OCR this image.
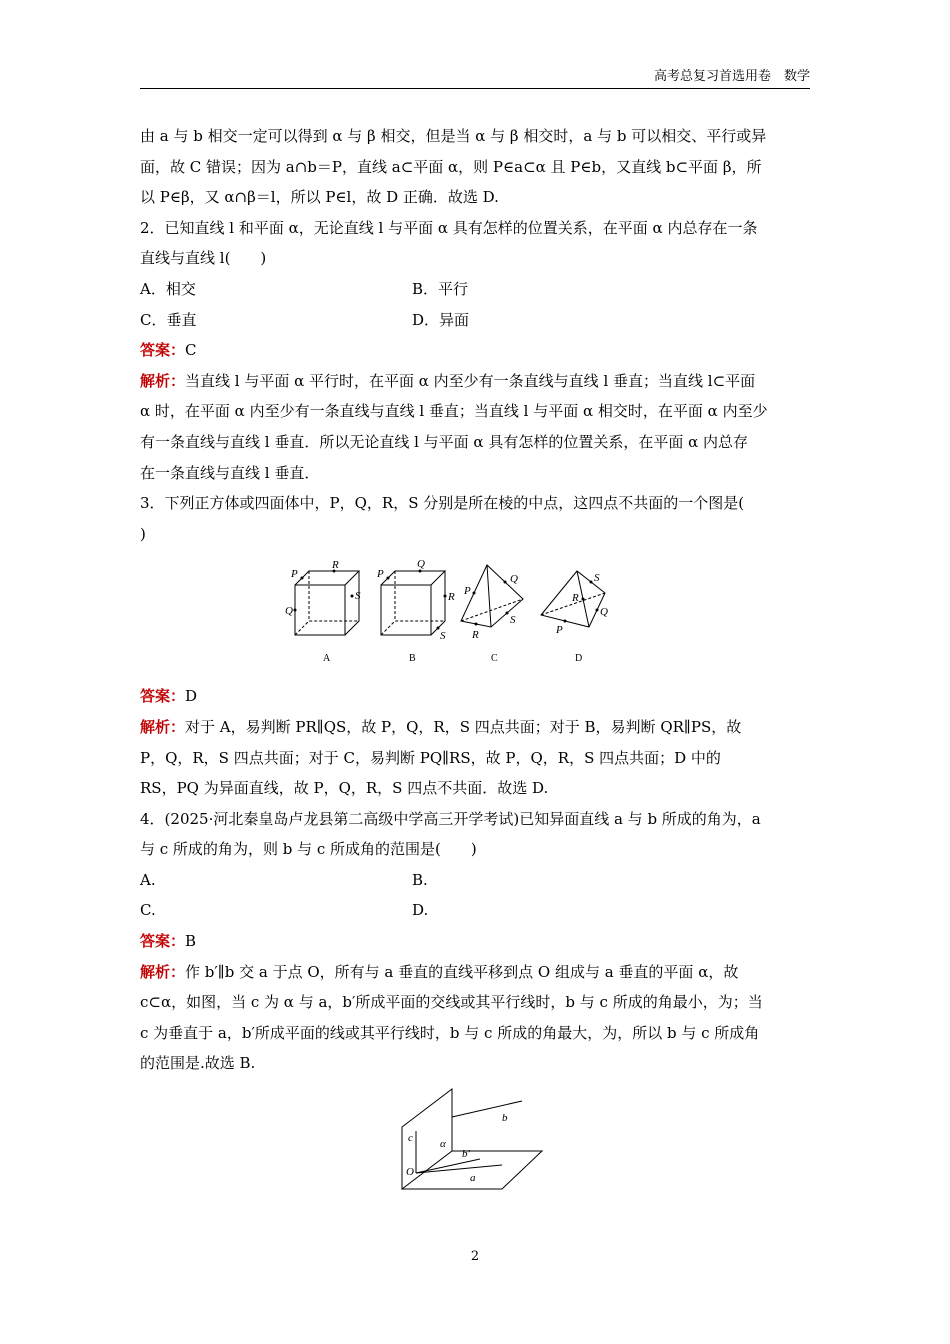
高考总复习首选用卷　数学

由 a 与 b 相交一定可以得到 α 与 β 相交，但是当 α 与 β 相交时，a 与 b 可以相交、平行或异

面，故 C 错误；因为 a∩b＝P，直线 a⊂平面 α，则 P∈a⊂α 且 P∈b，又直线 b⊂平面 β，所

以 P∈β，又 α∩β＝l，所以 P∈l，故 D 正确．故选 D.

2．已知直线 l 和平面 α，无论直线 l 与平面 α 具有怎样的位置关系，在平面 α 内总存在一条

直线与直线 l(　　)

A．相交	B．平行
C．垂直	D．异面

答案：C

解析：当直线 l 与平面 α 平行时，在平面 α 内至少有一条直线与直线 l 垂直；当直线 l⊂平面

α 时，在平面 α 内至少有一条直线与直线 l 垂直；当直线 l 与平面 α 相交时，在平面 α 内至少

有一条直线与直线 l 垂直．所以无论直线 l 与平面 α 具有怎样的位置关系，在平面 α 内总存

在一条直线与直线 l 垂直．

3．下列正方体或四面体中，P，Q，R，S 分别是所在棱的中点，这四点不共面的一个图是(

)

P
R
Q
S
P
Q
R
S
P
Q
R
S
S
Q
P
R
A	B	C	D

答案：D

解析：对于 A，易判断 PR∥QS，故 P，Q，R，S 四点共面；对于 B，易判断 QR∥PS，故

P，Q，R，S 四点共面；对于 C，易判断 PQ∥RS，故 P，Q，R，S 四点共面；D 中的

RS，PQ 为异面直线，故 P，Q，R，S 四点不共面．故选 D.

4．(2025·河北秦皇岛卢龙县第二高级中学高三开学考试)已知异面直线 a 与 b 所成的角为，a

与 c 所成的角为，则 b 与 c 所成角的范围是(　　)

A.	B.
C.	D.

答案：B

解析：作 b′∥b 交 a 于点 O，所有与 a 垂直的直线平移到点 O 组成与 a 垂直的平面 α，故

c⊂α，如图，当 c 为 α 与 a，b′所成平面的交线或其平行线时，b 与 c 所成的角最小，为；当

c 为垂直于 a，b′所成平面的线或其平行线时，b 与 c 所成的角最大，为，所以 b 与 c 所成角

的范围是.故选 B.

b
α
c
b′
O	a
2
